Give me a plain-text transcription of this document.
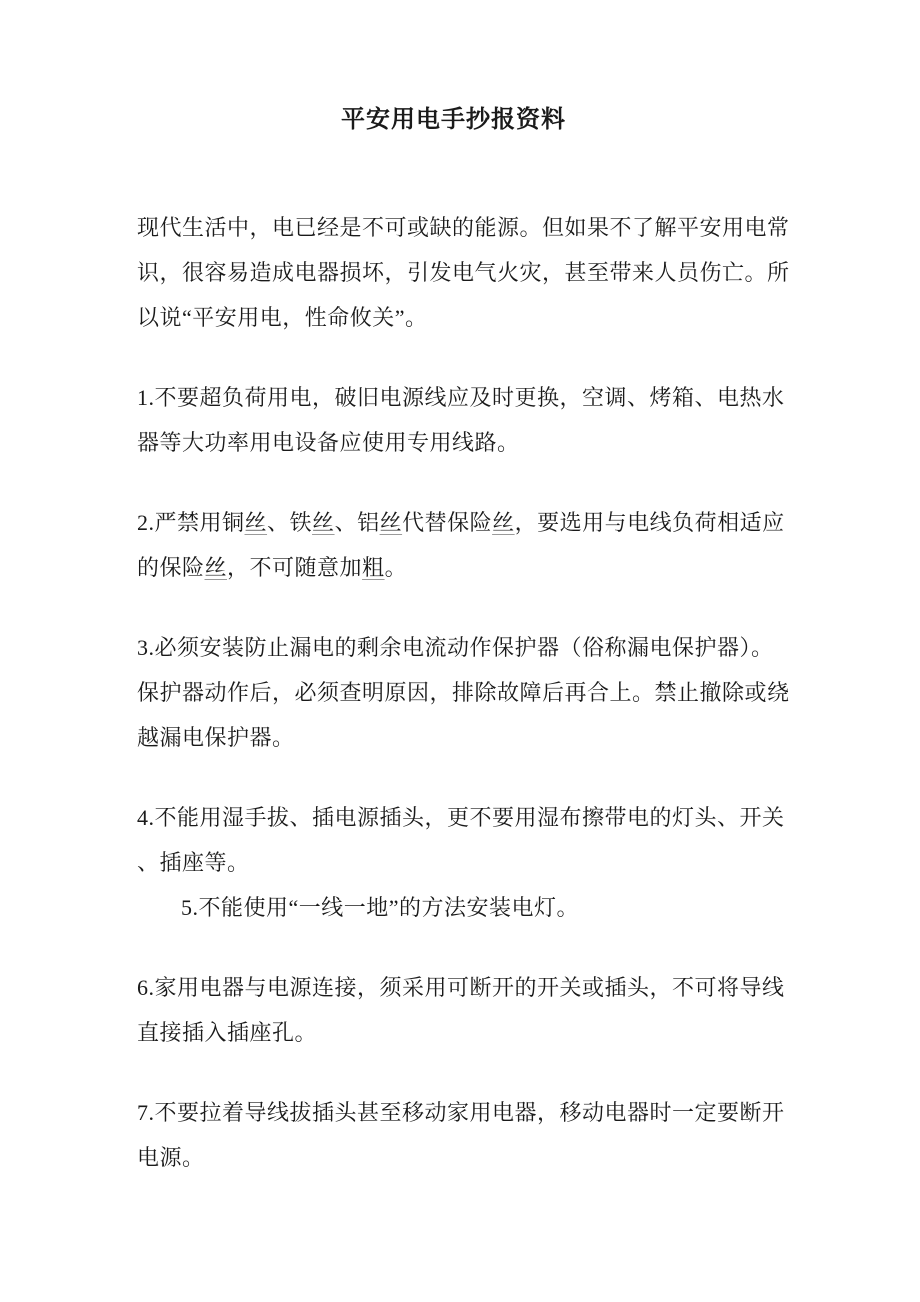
平安用电手抄报资料
现代生活中，电已经是不可或缺的能源。但如果不了解平安用电常
识，很容易造成电器损坏，引发电气火灾，甚至带来人员伤亡。所
以说“平安用电，性命攸关”。
1.不要超负荷用电，破旧电源线应及时更换，空调、烤箱、电热水
器等大功率用电设备应使用专用线路。
2.严禁用铜丝、铁丝、铝丝代替保险丝，要选用与电线负荷相适应
的保险丝，不可随意加粗。
3.必须安装防止漏电的剩余电流动作保护器（俗称漏电保护器）。
保护器动作后，必须查明原因，排除故障后再合上。禁止撤除或绕
越漏电保护器。
4.不能用湿手拔、插电源插头，更不要用湿布擦带电的灯头、开关
、插座等。
5.不能使用“一线一地”的方法安装电灯。
6.家用电器与电源连接，须采用可断开的开关或插头，不可将导线
直接插入插座孔。
7.不要拉着导线拔插头甚至移动家用电器，移动电器时一定要断开
电源。
